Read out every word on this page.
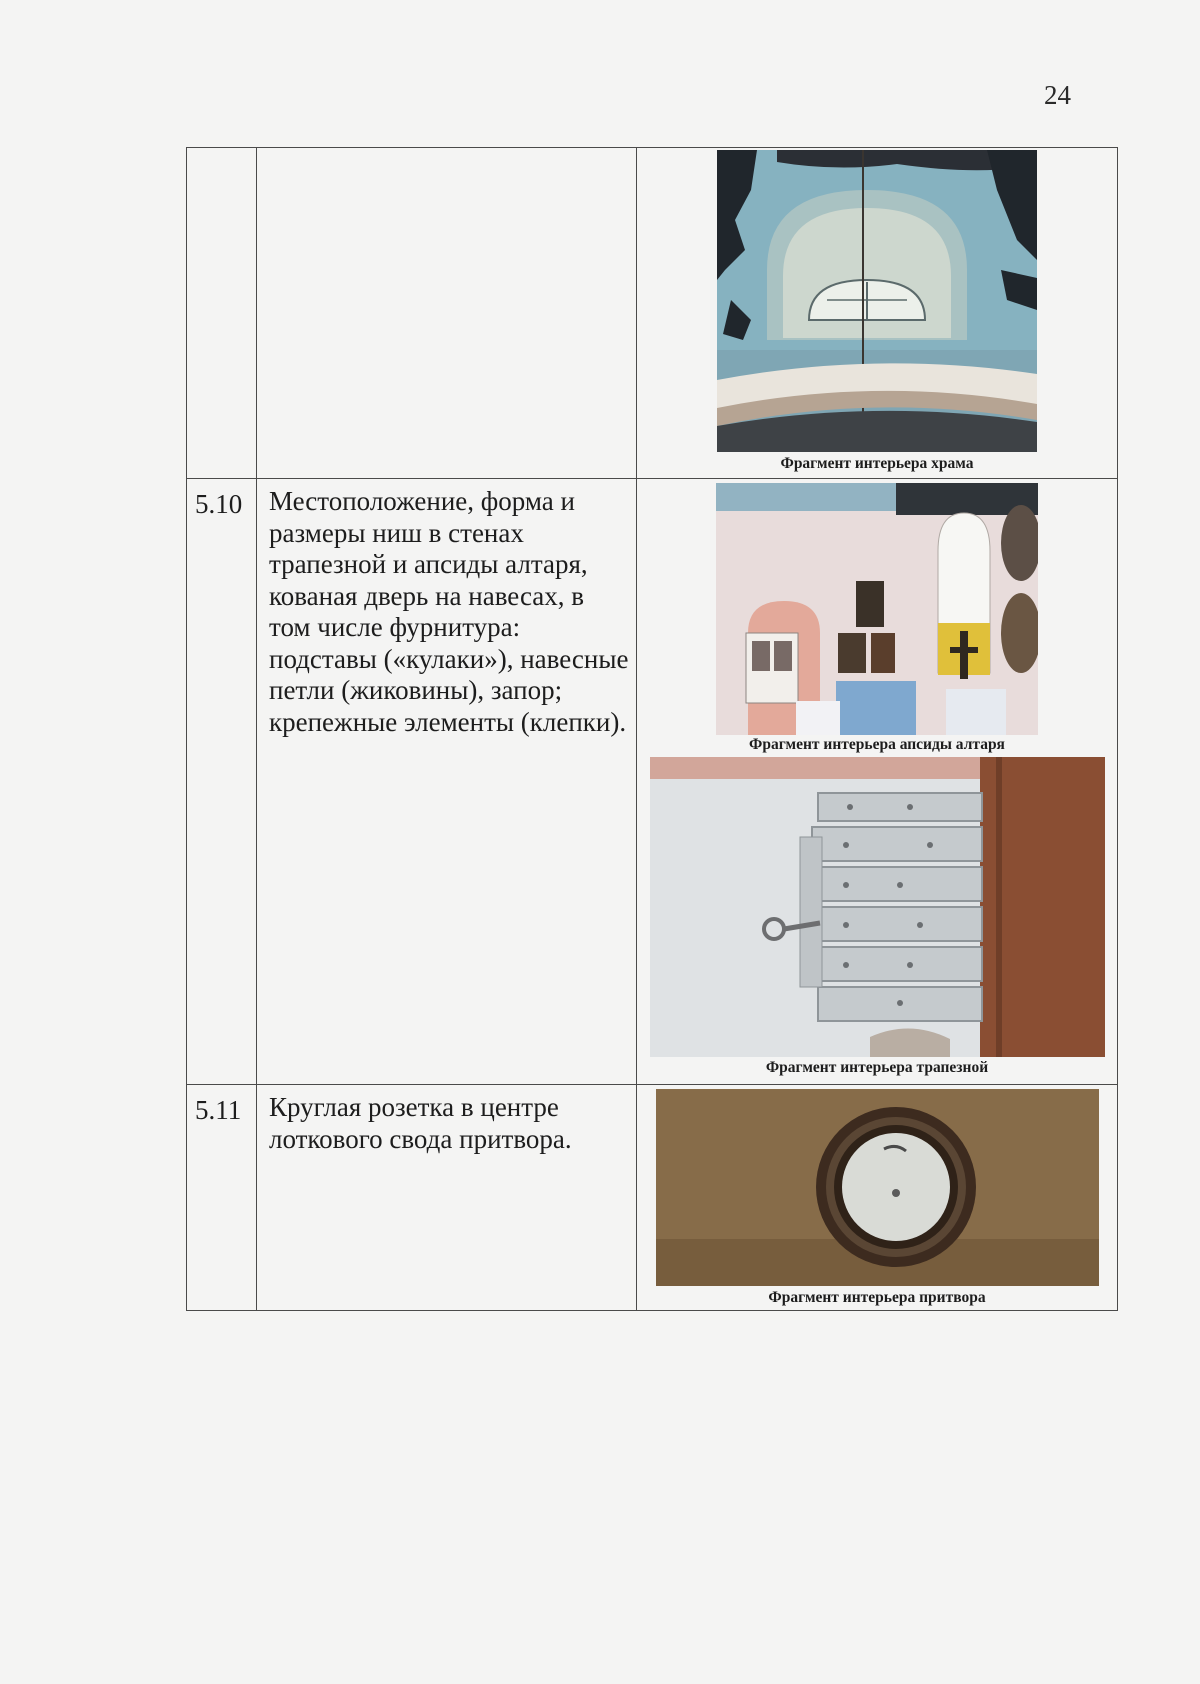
24

		Фрагмент интерьера храма

5.10	Местоположение, форма и размеры ниш в стенах трапезной и апсиды алтаря, кованая дверь на навесах, в том числе фурнитура: подставы («кулаки»), навесные петли (жиковины), запор; крепежные элементы (клепки).	Фрагмент интерьера апсиды алтаря
Фрагмент интерьера трапезной

5.11	Круглая розетка в центре лоткового свода притвора.	Фрагмент интерьера притвора
